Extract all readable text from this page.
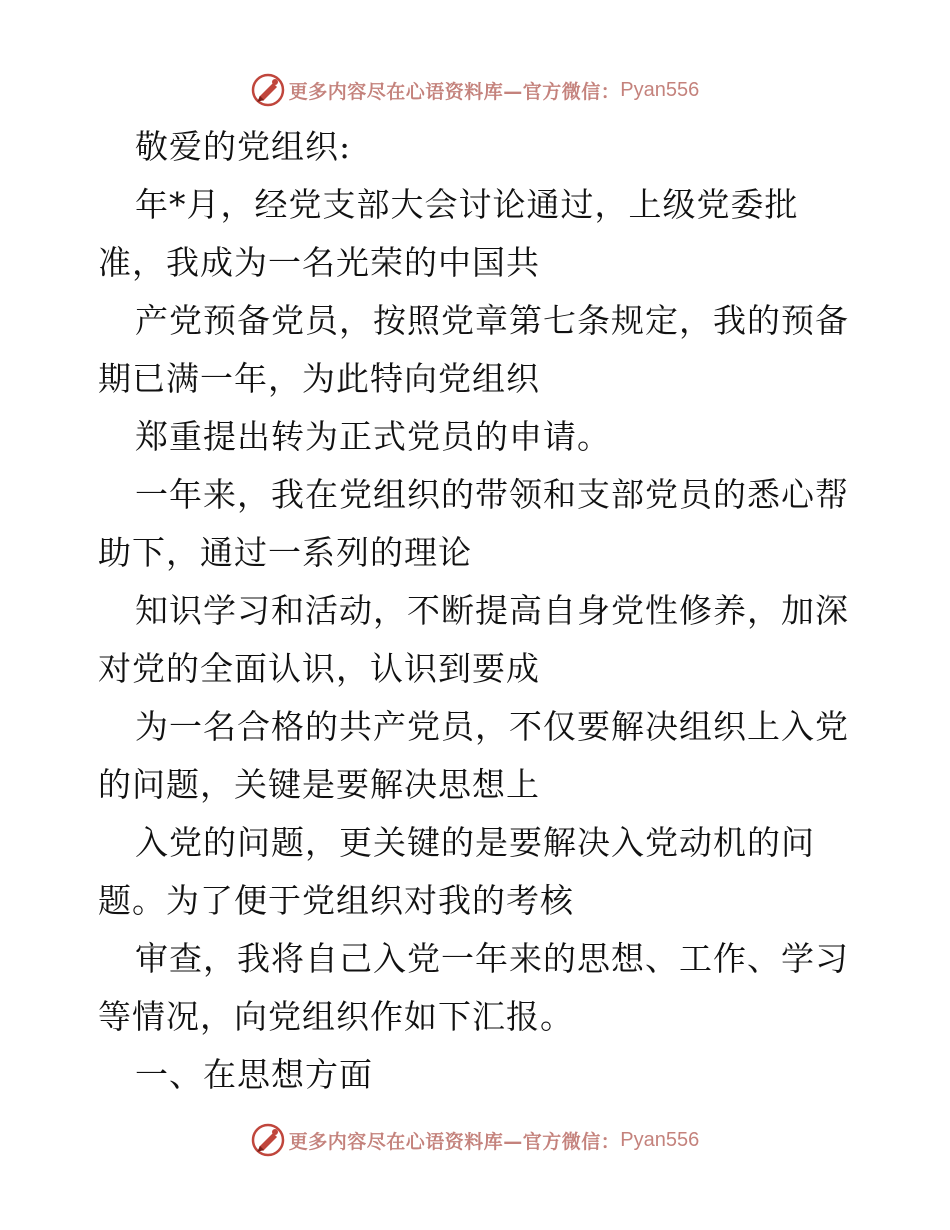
更多内容尽在心语资料库—官方微信： Pyan556
敬爱的党组织:
年*月，经党支部大会讨论通过，上级党委批
准，我成为一名光荣的中国共
产党预备党员，按照党章第七条规定，我的预备
期已满一年，为此特向党组织
郑重提出转为正式党员的申请。
一年来，我在党组织的带领和支部党员的悉心帮
助下，通过一系列的理论
知识学习和活动，不断提高自身党性修养，加深
对党的全面认识，认识到要成
为一名合格的共产党员，不仅要解决组织上入党
的问题，关键是要解决思想上
入党的问题，更关键的是要解决入党动机的问
题。为了便于党组织对我的考核
审查，我将自己入党一年来的思想、工作、学习
等情况，向党组织作如下汇报。
一、在思想方面
更多内容尽在心语资料库—官方微信： Pyan556
